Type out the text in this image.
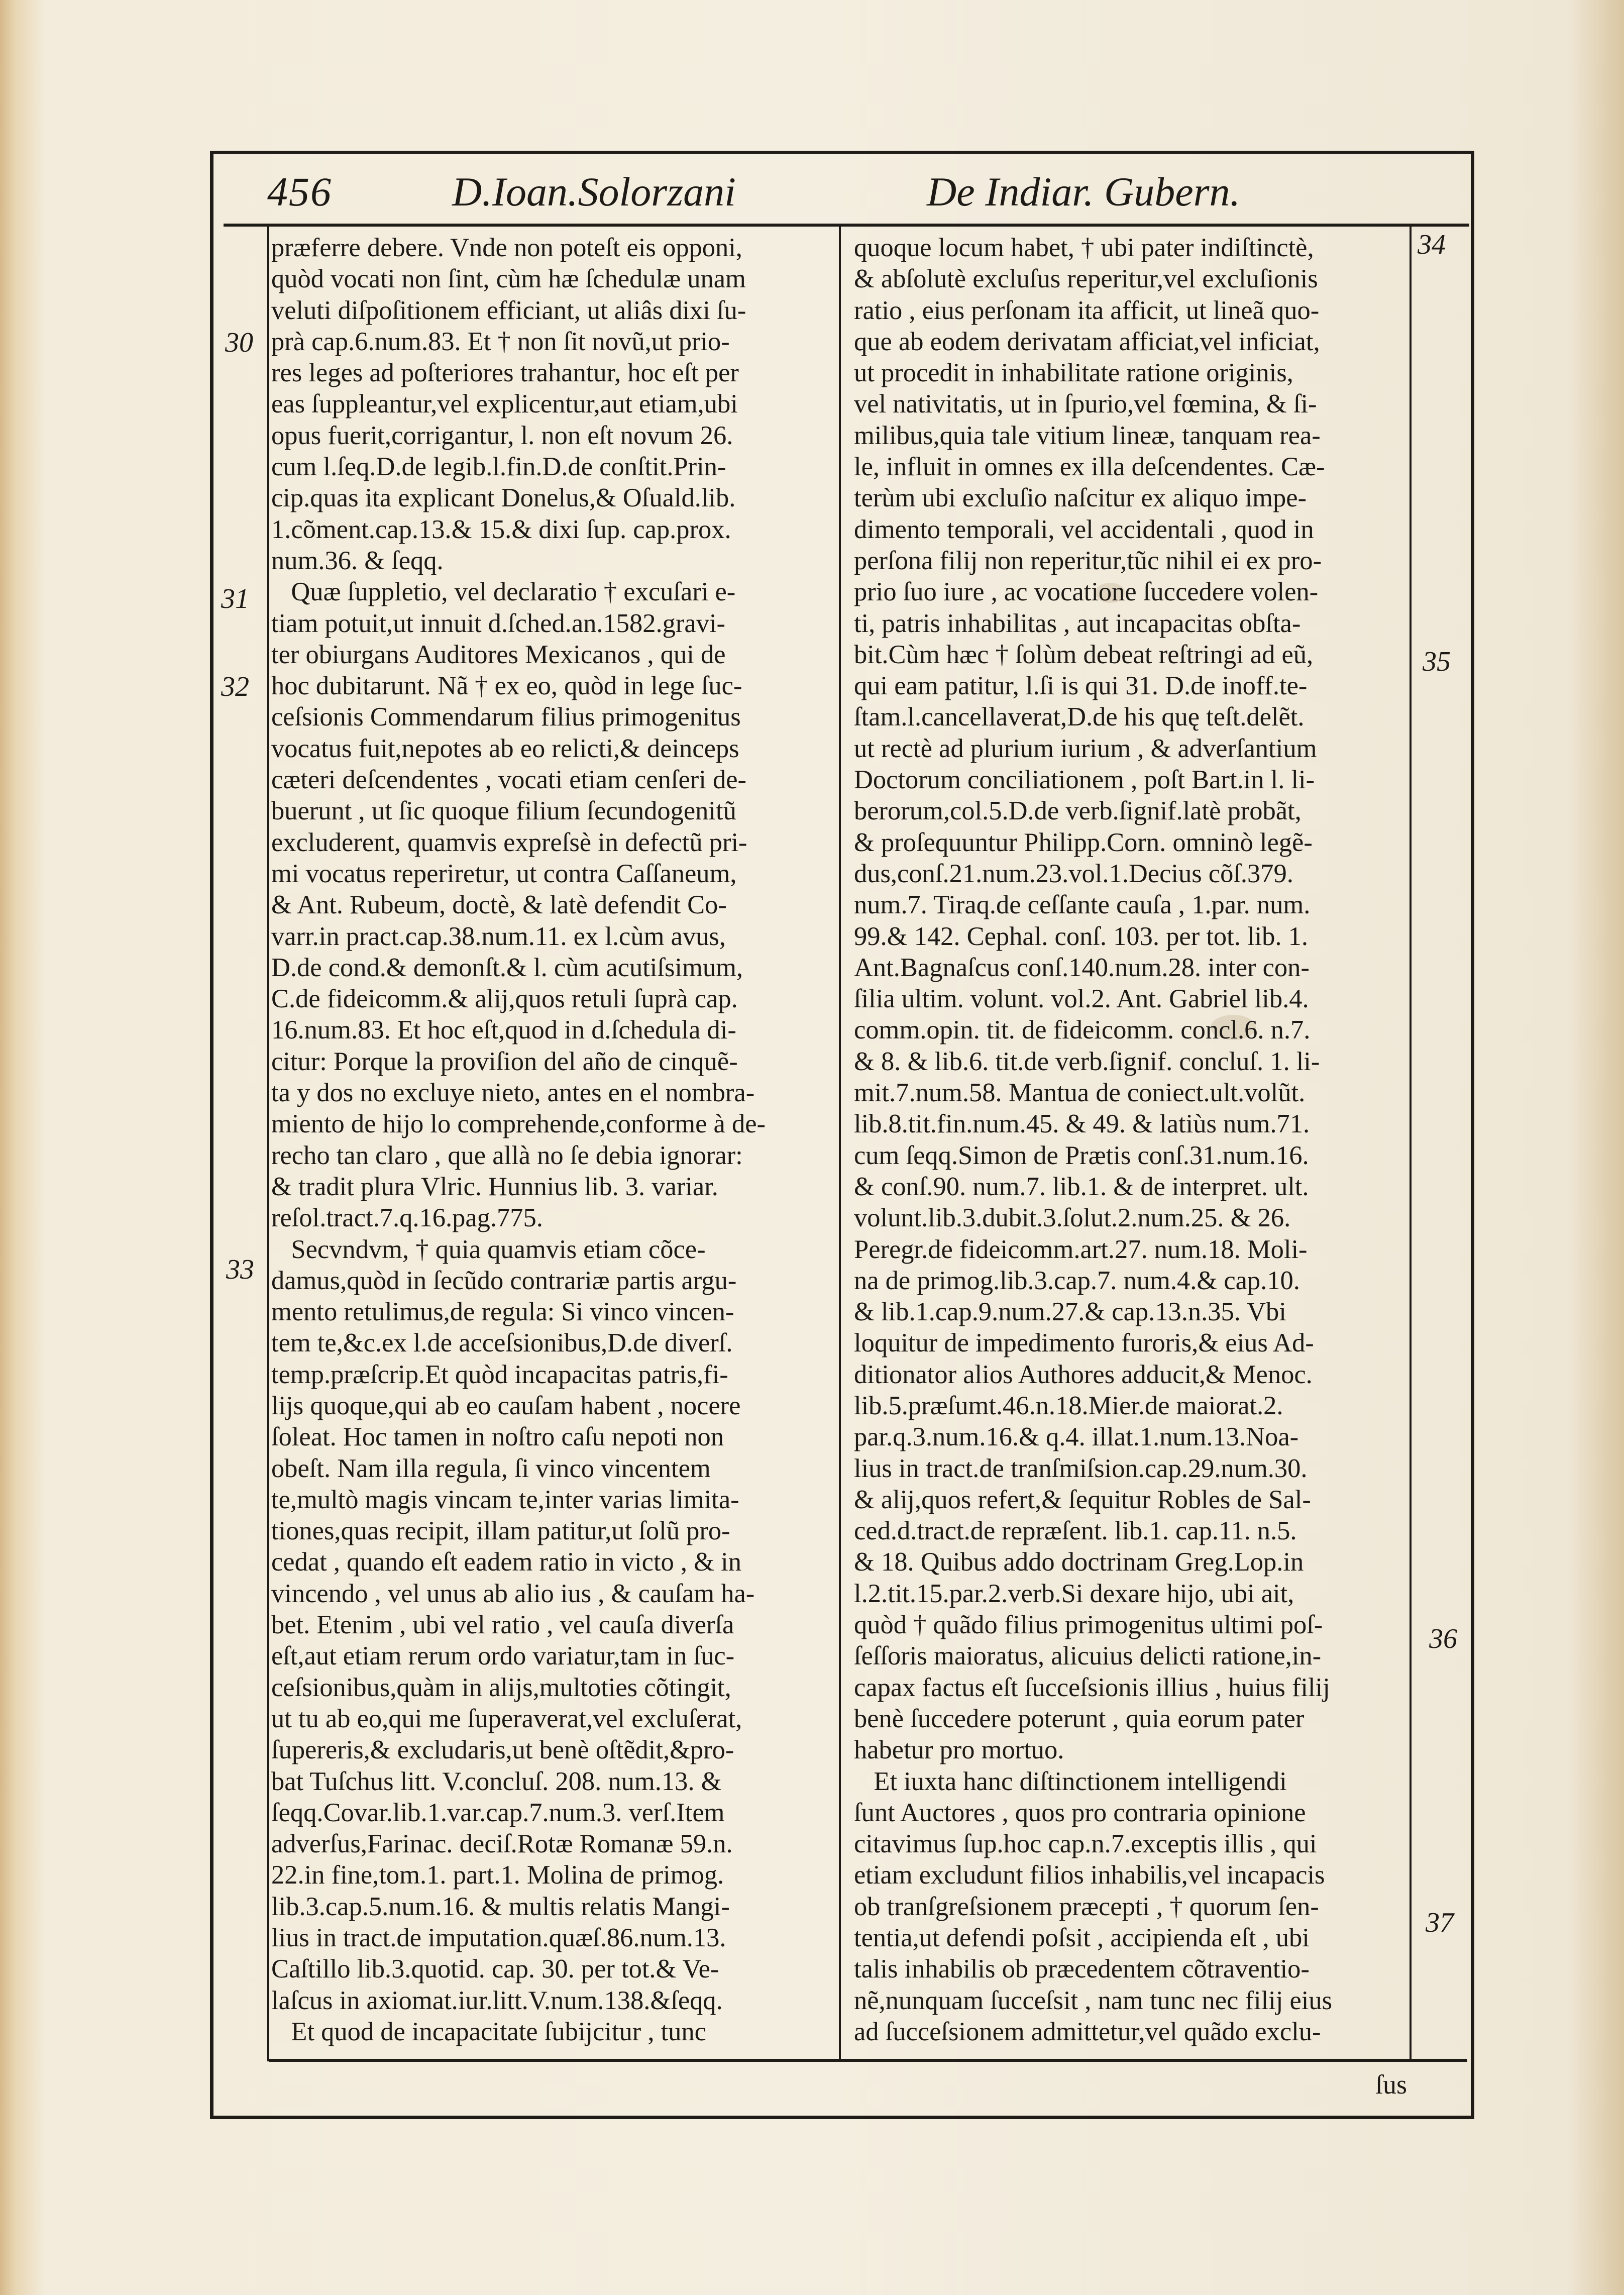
456	D.Ioan.Solorzani	De Indiar. Gubern.
30
31
32
33
34
35
36
37
præferre debere. Vnde non poteſt eis opponi,
quòd vocati non ſint, cùm hæ ſchedulæ unam
veluti diſpoſitionem efficiant, ut aliâs dixi ſu-
prà cap.6.num.83. Et † non ſit novũ,ut prio-
res leges ad poſteriores trahantur, hoc eſt per
eas ſuppleantur,vel explicentur,aut etiam,ubi
opus fuerit,corrigantur, l. non eſt novum 26.
cum l.ſeq.D.de legib.l.fin.D.de conſtit.Prin-
cip.quas ita explicant Donelus,& Oſuald.lib.
1.cõment.cap.13.& 15.& dixi ſup. cap.prox.
num.36. & ſeqq.
Quæ ſuppletio, vel declaratio † excuſari e-
tiam potuit,ut innuit d.ſched.an.1582.gravi-
ter obiurgans Auditores Mexicanos , qui de
hoc dubitarunt. Nã † ex eo, quòd in lege ſuc-
ceſsionis Commendarum filius primogenitus
vocatus fuit,nepotes ab eo relicti,& deinceps
cæteri deſcendentes , vocati etiam cenſeri de-
buerunt , ut ſic quoque filium ſecundogenitũ
excluderent, quamvis expreſsè in defectũ pri-
mi vocatus reperiretur, ut contra Caſſaneum,
& Ant. Rubeum, doctè, & latè defendit Co-
varr.in pract.cap.38.num.11. ex l.cùm avus,
D.de cond.& demonſt.& l. cùm acutiſsimum,
C.de fideicomm.& alij,quos retuli ſuprà cap.
16.num.83. Et hoc eſt,quod in d.ſchedula di-
citur: Porque la proviſion del año de cinquẽ-
ta y dos no excluye nieto, antes en el nombra-
miento de hijo lo comprehende,conforme à de-
recho tan claro , que allà no ſe debia ignorar:
& tradit plura Vlric. Hunnius lib. 3. variar.
reſol.tract.7.q.16.pag.775.
Secvndvm, † quia quamvis etiam cõce-
damus,quòd in ſecũdo contrariæ partis argu-
mento retulimus,de regula: Si vinco vincen-
tem te,&c.ex l.de acceſsionibus,D.de diverſ.
temp.præſcrip.Et quòd incapacitas patris,fi-
lijs quoque,qui ab eo cauſam habent , nocere
ſoleat. Hoc tamen in noſtro caſu nepoti non
obeſt. Nam illa regula, ſi vinco vincentem
te,multò magis vincam te,inter varias limita-
tiones,quas recipit, illam patitur,ut ſolũ pro-
cedat , quando eſt eadem ratio in victo , & in
vincendo , vel unus ab alio ius , & cauſam ha-
bet. Etenim , ubi vel ratio , vel cauſa diverſa
eſt,aut etiam rerum ordo variatur,tam in ſuc-
ceſsionibus,quàm in alijs,multoties cõtingit,
ut tu ab eo,qui me ſuperaverat,vel excluſerat,
ſupereris,& excludaris,ut benè oſtẽdit,&pro-
bat Tuſchus litt. V.concluſ. 208. num.13. &
ſeqq.Covar.lib.1.var.cap.7.num.3. verſ.Item
adverſus,Farinac. deciſ.Rotæ Romanæ 59.n.
22.in fine,tom.1. part.1. Molina de primog.
lib.3.cap.5.num.16. & multis relatis Mangi-
lius in tract.de imputation.quæſ.86.num.13.
Caſtillo lib.3.quotid. cap. 30. per tot.& Ve-
laſcus in axiomat.iur.litt.V.num.138.&ſeqq.
Et quod de incapacitate ſubijcitur , tunc
quoque locum habet, † ubi pater indiſtinctè,
& abſolutè excluſus reperitur,vel excluſionis
ratio , eius perſonam ita afficit, ut lineã quo-
que ab eodem derivatam afficiat,vel inficiat,
ut procedit in inhabilitate ratione originis,
vel nativitatis, ut in ſpurio,vel fœmina, & ſi-
milibus,quia tale vitium lineæ, tanquam rea-
le, influit in omnes ex illa deſcendentes. Cæ-
terùm ubi excluſio naſcitur ex aliquo impe-
dimento temporali, vel accidentali , quod in
perſona filij non reperitur,tũc nihil ei ex pro-
prio ſuo iure , ac vocatione ſuccedere volen-
ti, patris inhabilitas , aut incapacitas obſta-
bit.Cùm hæc † ſolùm debeat reſtringi ad eũ,
qui eam patitur, l.ſi is qui 31. D.de inoff.te-
ſtam.l.cancellaverat,D.de his quę teſt.delẽt.
ut rectè ad plurium iurium , & adverſantium
Doctorum conciliationem , poſt Bart.in l. li-
berorum,col.5.D.de verb.ſignif.latè probãt,
& proſequuntur Philipp.Corn. omninò legẽ-
dus,conſ.21.num.23.vol.1.Decius cõſ.379.
num.7. Tiraq.de ceſſante cauſa , 1.par. num.
99.& 142. Cephal. conſ. 103. per tot. lib. 1.
Ant.Bagnaſcus conſ.140.num.28. inter con-
ſilia ultim. volunt. vol.2. Ant. Gabriel lib.4.
comm.opin. tit. de fideicomm. concl.6. n.7.
& 8. & lib.6. tit.de verb.ſignif. concluſ. 1. li-
mit.7.num.58. Mantua de coniect.ult.volũt.
lib.8.tit.fin.num.45. & 49. & latiùs num.71.
cum ſeqq.Simon de Prætis conſ.31.num.16.
& conſ.90. num.7. lib.1. & de interpret. ult.
volunt.lib.3.dubit.3.ſolut.2.num.25. & 26.
Peregr.de fideicomm.art.27. num.18. Moli-
na de primog.lib.3.cap.7. num.4.& cap.10.
& lib.1.cap.9.num.27.& cap.13.n.35. Vbi
loquitur de impedimento furoris,& eius Ad-
ditionator alios Authores adducit,& Menoc.
lib.5.præſumt.46.n.18.Mier.de maiorat.2.
par.q.3.num.16.& q.4. illat.1.num.13.Noa-
lius in tract.de tranſmiſsion.cap.29.num.30.
& alij,quos refert,& ſequitur Robles de Sal-
ced.d.tract.de repræſent. lib.1. cap.11. n.5.
& 18. Quibus addo doctrinam Greg.Lop.in
l.2.tit.15.par.2.verb.Si dexare hijo, ubi ait,
quòd † quãdo filius primogenitus ultimi poſ-
ſeſſoris maioratus, alicuius delicti ratione,in-
capax factus eſt ſucceſsionis illius , huius filij
benè ſuccedere poterunt , quia eorum pater
habetur pro mortuo.
Et iuxta hanc diſtinctionem intelligendi
ſunt Auctores , quos pro contraria opinione
citavimus ſup.hoc cap.n.7.exceptis illis , qui
etiam excludunt filios inhabilis,vel incapacis
ob tranſgreſsionem præcepti , † quorum ſen-
tentia,ut defendi poſsit , accipienda eſt , ubi
talis inhabilis ob præcedentem cõtraventio-
nẽ,nunquam ſucceſsit , nam tunc nec filij eius
ad ſucceſsionem admittetur,vel quãdo exclu-
ſus
